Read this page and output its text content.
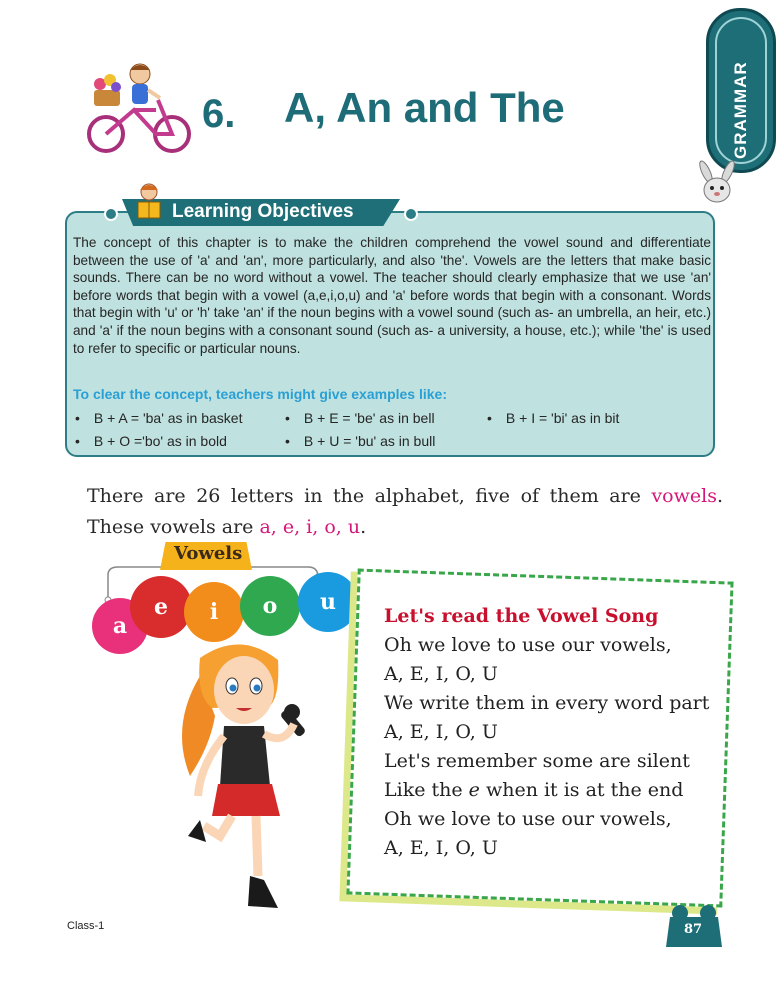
GRAMMAR
6. A, An and The
Learning Objectives
The concept of this chapter is to make the children comprehend the vowel sound and differentiate between the use of 'a' and 'an', more particularly, and also 'the'. Vowels are the letters that make basic sounds. There can be no word without a vowel. The teacher should clearly emphasize that we use 'an' before words that begin with a vowel (a,e,i,o,u) and 'a' before words that begin with a consonant. Words that begin with 'u' or 'h' take 'an' if the noun begins with a vowel sound (such as- an umbrella, an heir, etc.) and 'a' if the noun begins with a consonant sound (such as- a university, a house, etc.); while 'the' is used to refer to specific or particular nouns.
To clear the concept, teachers might give examples like:
• B + A = 'ba' as in basket	• B + E = 'be' as in bell	• B + I = 'bi' as in bit
• B + O ='bo' as in bold	• B + U = 'bu' as in bull
There are 26 letters in the alphabet, five of them are vowels. These vowels are a, e, i, o, u.
Vowels
a
e	i	o	u
Let's read the Vowel Song
Oh we love to use our vowels,
A, E, I, O, U
We write them in every word part
A, E, I, O, U
Let's remember some are silent
Like the e when it is at the end
Oh we love to use our vowels,
A, E, I, O, U
Class-1	87
